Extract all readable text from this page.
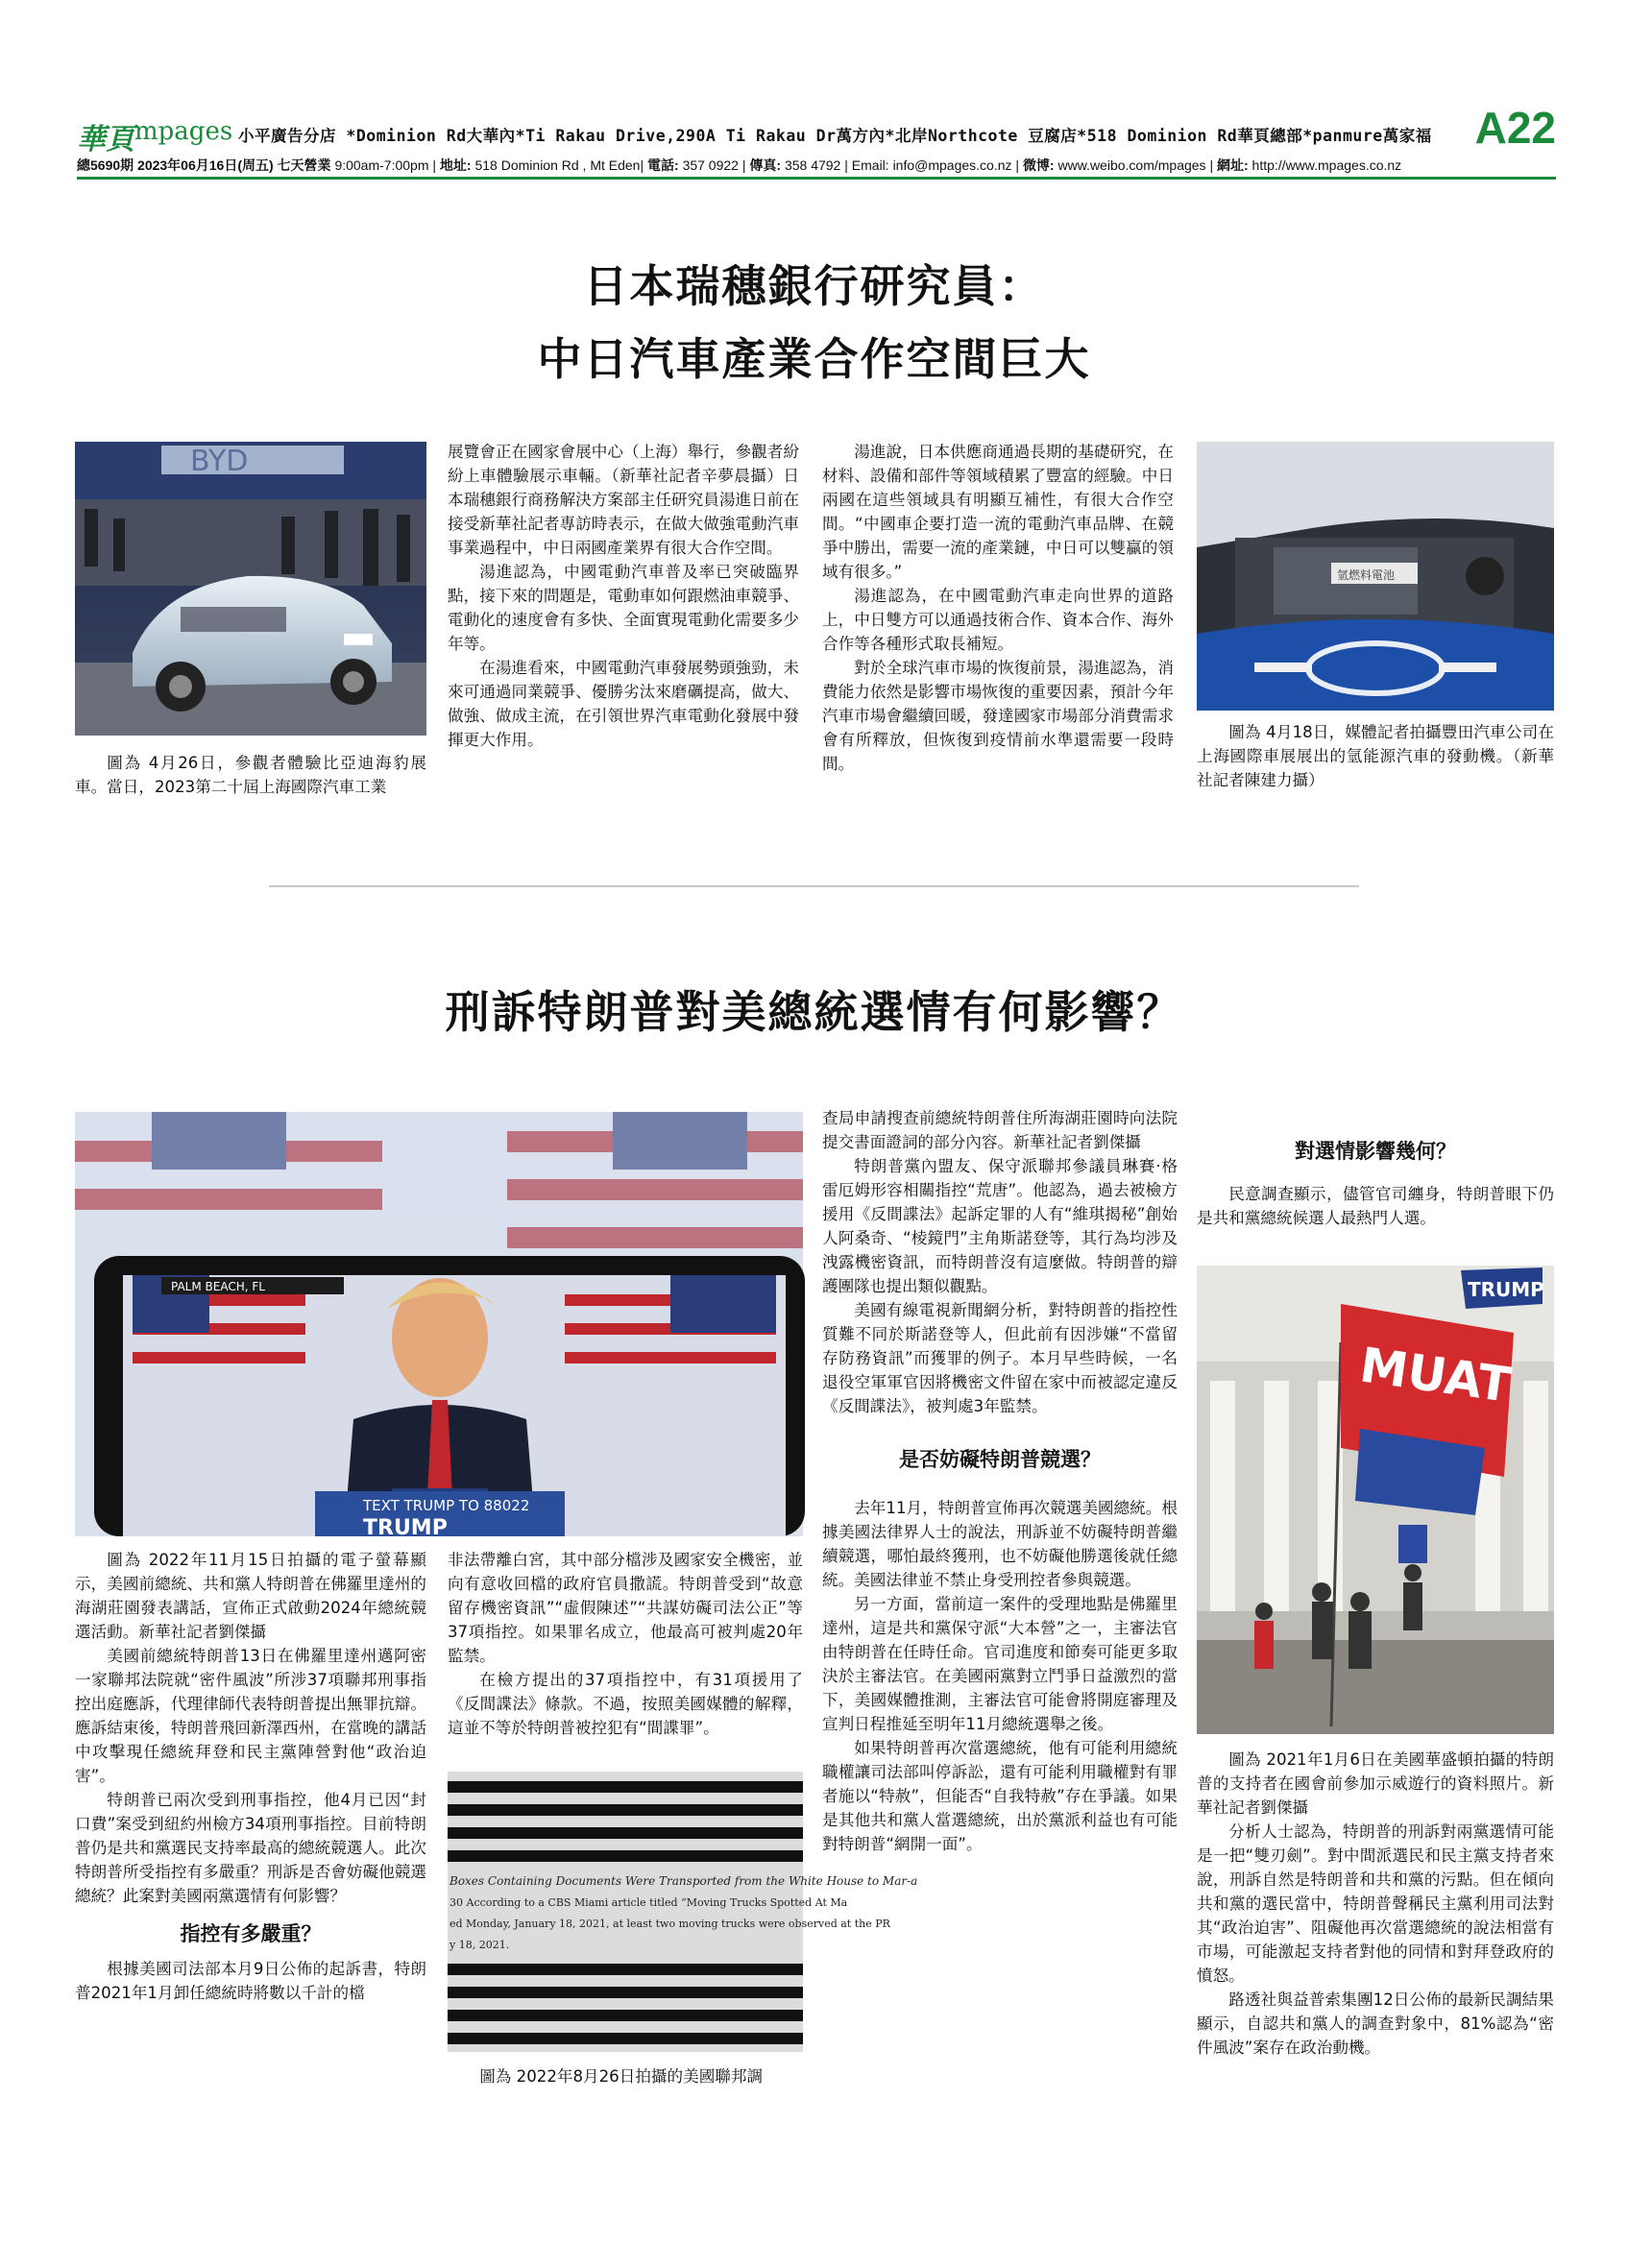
華頁 mpages 小平廣告分店 *Dominion Rd大華內*Ti Rakau Drive,290A Ti Rakau Dr萬方內*北岸Northcote 豆腐店*518 Dominion Rd華頁總部*panmure萬家福 A22
總5690期 2023年06月16日(周五) 七天營業 9:00am-7:00pm | 地址: 518 Dominion Rd , Mt Eden| 電話: 357 0922 | 傳真: 358 4792 | Email: info@mpages.co.nz | 微博: www.weibo.com/mpages | 網址: http://www.mpages.co.nz
日本瑞穗銀行研究員：
中日汽車產業合作空間巨大
BYD

圖為 4月26日，參觀者體驗比亞迪海豹展車。當日，2023第二十屆上海國際汽車工業

展覽會正在國家會展中心（上海）舉行，參觀者紛紛上車體驗展示車輛。（新華社記者辛夢晨攝）日本瑞穗銀行商務解決方案部主任研究員湯進日前在接受新華社記者專訪時表示，在做大做強電動汽車事業過程中，中日兩國產業界有很大合作空間。

湯進認為，中國電動汽車普及率已突破臨界點，接下來的問題是，電動車如何跟燃油車競爭、電動化的速度會有多快、全面實現電動化需要多少年等。

在湯進看來，中國電動汽車發展勢頭強勁，未來可通過同業競爭、優勝劣汰來磨礪提高，做大、做強、做成主流，在引領世界汽車電動化發展中發揮更大作用。

湯進說，日本供應商通過長期的基礎研究，在材料、設備和部件等領域積累了豐富的經驗。中日兩國在這些領域具有明顯互補性，有很大合作空間。“中國車企要打造一流的電動汽車品牌、在競爭中勝出，需要一流的產業鏈，中日可以雙贏的領域有很多。”

湯進認為，在中國電動汽車走向世界的道路上，中日雙方可以通過技術合作、資本合作、海外合作等各種形式取長補短。

對於全球汽車市場的恢復前景，湯進認為，消費能力依然是影響市場恢復的重要因素，預計今年汽車市場會繼續回暖，發達國家市場部分消費需求會有所釋放，但恢復到疫情前水準還需要一段時間。

氫燃料電池

圖為 4月18日，媒體記者拍攝豐田汽車公司在上海國際車展展出的氫能源汽車的發動機。（新華社記者陳建力攝）

刑訴特朗普對美總統選情有何影響？
PALM BEACH, FL
TEXT TRUMP TO 88022
TRUMP

圖為 2022年11月15日拍攝的電子螢幕顯示，美國前總統、共和黨人特朗普在佛羅里達州的海湖莊園發表講話，宣佈正式啟動2024年總統競選活動。新華社記者劉傑攝

美國前總統特朗普13日在佛羅里達州邁阿密一家聯邦法院就“密件風波”所涉37項聯邦刑事指控出庭應訴，代理律師代表特朗普提出無罪抗辯。應訴結束後，特朗普飛回新澤西州，在當晚的講話中攻擊現任總統拜登和民主黨陣營對他“政治迫害”。

特朗普已兩次受到刑事指控，他4月已因“封口費”案受到紐約州檢方34項刑事指控。目前特朗普仍是共和黨選民支持率最高的總統競選人。此次特朗普所受指控有多嚴重？刑訴是否會妨礙他競選總統？此案對美國兩黨選情有何影響？

指控有多嚴重？

根據美國司法部本月9日公佈的起訴書，特朗普2021年1月卸任總統時將數以千計的檔

非法帶離白宮，其中部分檔涉及國家安全機密，並向有意收回檔的政府官員撒謊。特朗普受到“故意留存機密資訊”“虛假陳述”“共謀妨礙司法公正”等37項指控。如果罪名成立，他最高可被判處20年監禁。

在檢方提出的37項指控中，有31項援用了《反間諜法》條款。不過，按照美國媒體的解釋，這並不等於特朗普被控犯有“間諜罪”。

Boxes Containing Documents Were Transported from the White House to Mar-a
30 According to a CBS Miami article titled “Moving Trucks Spotted At Ma
ed Monday, January 18, 2021, at least two moving trucks were observed at the PR
y 18, 2021.

圖為 2022年8月26日拍攝的美國聯邦調

查局申請搜查前總統特朗普住所海湖莊園時向法院提交書面證詞的部分內容。新華社記者劉傑攝

特朗普黨內盟友、保守派聯邦參議員琳賽·格雷厄姆形容相關指控“荒唐”。他認為，過去被檢方援用《反間諜法》起訴定罪的人有“維琪揭秘”創始人阿桑奇、“棱鏡門”主角斯諾登等，其行為均涉及洩露機密資訊，而特朗普沒有這麼做。特朗普的辯護團隊也提出類似觀點。

美國有線電視新聞網分析，對特朗普的指控性質難不同於斯諾登等人，但此前有因涉嫌“不當留存防務資訊”而獲罪的例子。本月早些時候，一名退役空軍軍官因將機密文件留在家中而被認定違反《反間諜法》，被判處3年監禁。

是否妨礙特朗普競選？

去年11月，特朗普宣佈再次競選美國總統。根據美國法律界人士的說法，刑訴並不妨礙特朗普繼續競選，哪怕最終獲刑，也不妨礙他勝選後就任總統。美國法律並不禁止身受刑控者參與競選。

另一方面，當前這一案件的受理地點是佛羅里達州，這是共和黨保守派“大本營”之一，主審法官由特朗普在任時任命。官司進度和節奏可能更多取決於主審法官。在美國兩黨對立鬥爭日益激烈的當下，美國媒體推測，主審法官可能會將開庭審理及宣判日程推延至明年11月總統選舉之後。

如果特朗普再次當選總統，他有可能利用總統職權讓司法部叫停訴訟，還有可能利用職權對有罪者施以“特赦”，但能否“自我特赦”存在爭議。如果是其他共和黨人當選總統，出於黨派利益也有可能對特朗普“網開一面”。

對選情影響幾何？

民意調查顯示，儘管官司纏身，特朗普眼下仍是共和黨總統候選人最熱門人選。

MUAT
TRUMP

圖為 2021年1月6日在美國華盛頓拍攝的特朗普的支持者在國會前參加示威遊行的資料照片。新華社記者劉傑攝

分析人士認為，特朗普的刑訴對兩黨選情可能是一把“雙刃劍”。對中間派選民和民主黨支持者來說，刑訴自然是特朗普和共和黨的污點。但在傾向共和黨的選民當中，特朗普聲稱民主黨利用司法對其“政治迫害”、阻礙他再次當選總統的說法相當有市場，可能激起支持者對他的同情和對拜登政府的憤怒。

路透社與益普索集團12日公佈的最新民調結果顯示，自認共和黨人的調查對象中，81%認為“密件風波”案存在政治動機。
